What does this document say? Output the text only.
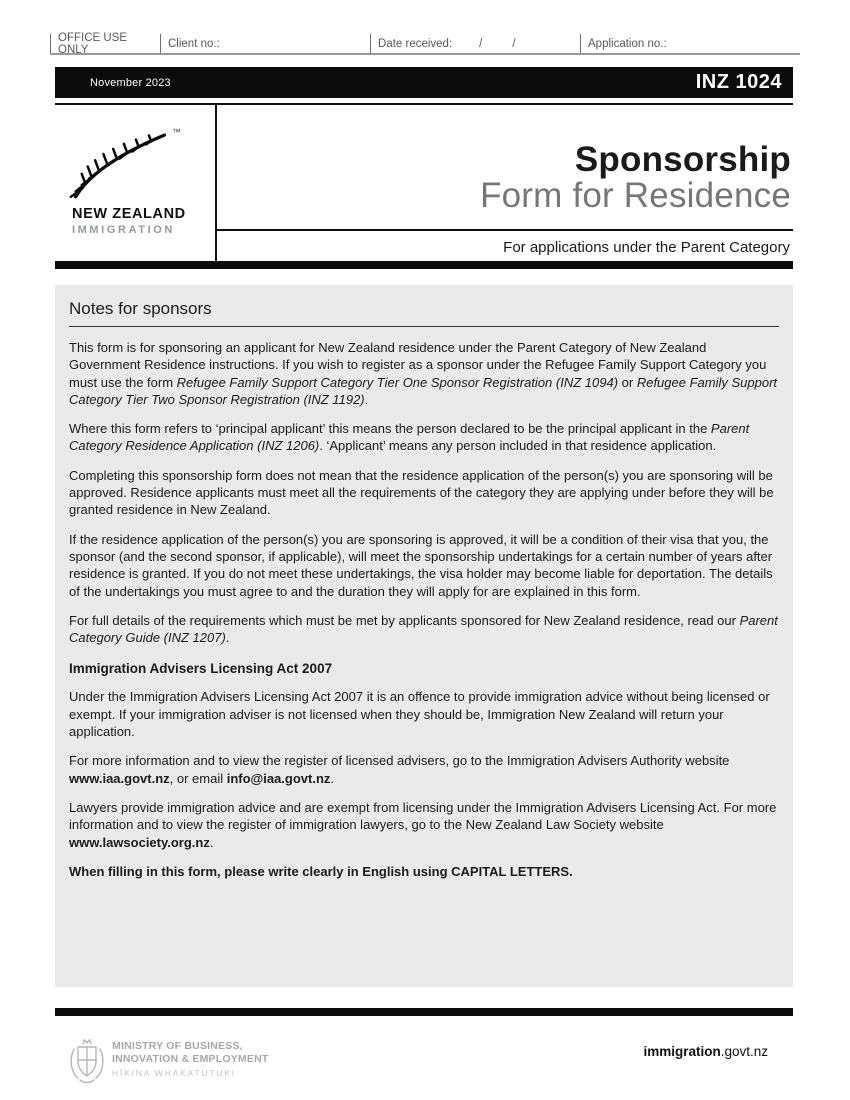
OFFICE USE ONLY	Client no.:	Date received: /	/	Application no.:
November 2023	INZ 1024
™
NEW ZEALAND
IMMIGRATION
Sponsorship
Form for Residence
For applications under the Parent Category
Notes for sponsors

This form is for sponsoring an applicant for New Zealand residence under the Parent Category of New Zealand Government Residence instructions. If you wish to register as a sponsor under the Refugee Family Support Category you must use the form Refugee Family Support Category Tier One Sponsor Registration (INZ 1094) or Refugee Family Support Category Tier Two Sponsor Registration (INZ 1192).

Where this form refers to ‘principal applicant’ this means the person declared to be the principal applicant in the Parent Category Residence Application (INZ 1206). ‘Applicant’ means any person included in that residence application.

Completing this sponsorship form does not mean that the residence application of the person(s) you are sponsoring will be approved. Residence applicants must meet all the requirements of the category they are applying under before they will be granted residence in New Zealand.

If the residence application of the person(s) you are sponsoring is approved, it will be a condition of their visa that you, the sponsor (and the second sponsor, if applicable), will meet the sponsorship undertakings for a certain number of years after residence is granted. If you do not meet these undertakings, the visa holder may become liable for deportation. The details of the undertakings you must agree to and the duration they will apply for are explained in this form.

For full details of the requirements which must be met by applicants sponsored for New Zealand residence, read our Parent Category Guide (INZ 1207).

Immigration Advisers Licensing Act 2007

Under the Immigration Advisers Licensing Act 2007 it is an offence to provide immigration advice without being licensed or exempt. If your immigration adviser is not licensed when they should be, Immigration New Zealand will return your application.

For more information and to view the register of licensed advisers, go to the Immigration Advisers Authority website www.iaa.govt.nz, or email info@iaa.govt.nz.

Lawyers provide immigration advice and are exempt from licensing under the Immigration Advisers Licensing Act. For more information and to view the register of immigration lawyers, go to the New Zealand Law Society website www.lawsociety.org.nz.

When filling in this form, please write clearly in English using CAPITAL LETTERS.

MINISTRY OF BUSINESS,
INNOVATION & EMPLOYMENT
HĪKINA WHAKATUTUKI
immigration.govt.nz
